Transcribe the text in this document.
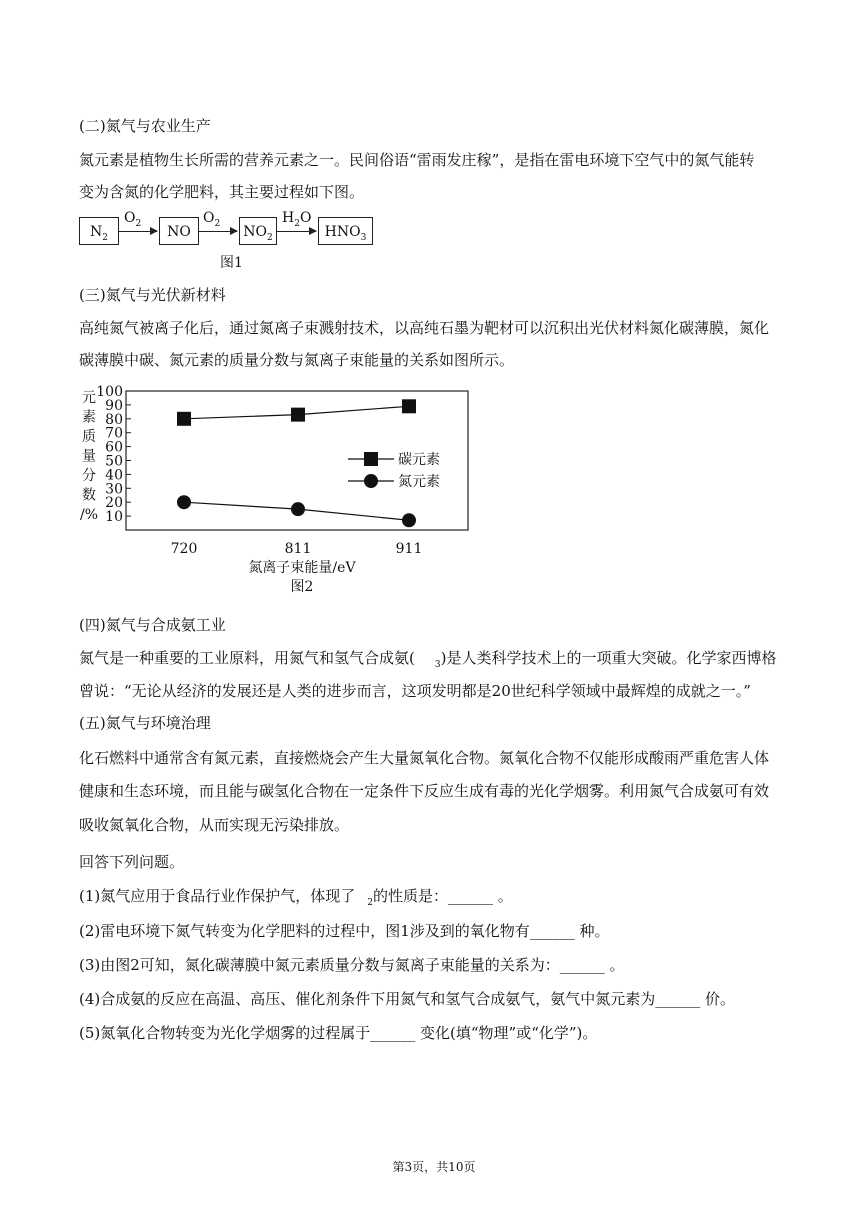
(二)氮气与农业生产
氮元素是植物生长所需的营养元素之一。民间俗语“雷雨发庄稼”，是指在雷电环境下空气中的氮气能转
变为含氮的化学肥料，其主要过程如下图。
$N_2$
$O_2$
NO
$O_2$
$NO_2$
$H_2O$
$HNO_3$
图1
(三)氮气与光伏新材料
高纯氮气被离子化后，通过氮离子束溅射技术，以高纯石墨为靶材可以沉积出光伏材料氮化碳薄膜，氮化
碳薄膜中碳、氮元素的质量分数与氮离子束能量的关系如图所示。
10
20
30
40
50
60
70
80
90
100
元
素
质
量
分
数
/%
720	811	911
氮离子束能量/eV
图2
碳元素
氮元素
(四)氮气与合成氨工业
氮气是一种重要的工业原料，用氮气和氢气合成氨( $_3$)是人类科学技术上的一项重大突破。化学家西博格
曾说：“无论从经济的发展还是人类的进步而言，这项发明都是20世纪科学领域中最辉煌的成就之一。”
(五)氮气与环境治理
化石燃料中通常含有氮元素，直接燃烧会产生大量氮氧化合物。氮氧化合物不仅能形成酸雨严重危害人体
健康和生态环境，而且能与碳氢化合物在一定条件下反应生成有毒的光化学烟雾。利用氮气合成氨可有效
吸收氮氧化合物，从而实现无污染排放。
回答下列问题。
(1)氮气应用于食品行业作保护气，体现了 $_2$的性质是：______ 。
(2)雷电环境下氮气转变为化学肥料的过程中，图1涉及到的氧化物有______ 种。
(3)由图2可知，氮化碳薄膜中氮元素质量分数与氮离子束能量的关系为：______ 。
(4)合成氨的反应在高温、高压、催化剂条件下用氮气和氢气合成氨气，氨气中氮元素为______ 价。
(5)氮氧化合物转变为光化学烟雾的过程属于______ 变化(填“物理”或“化学”)。
第3页，共10页
